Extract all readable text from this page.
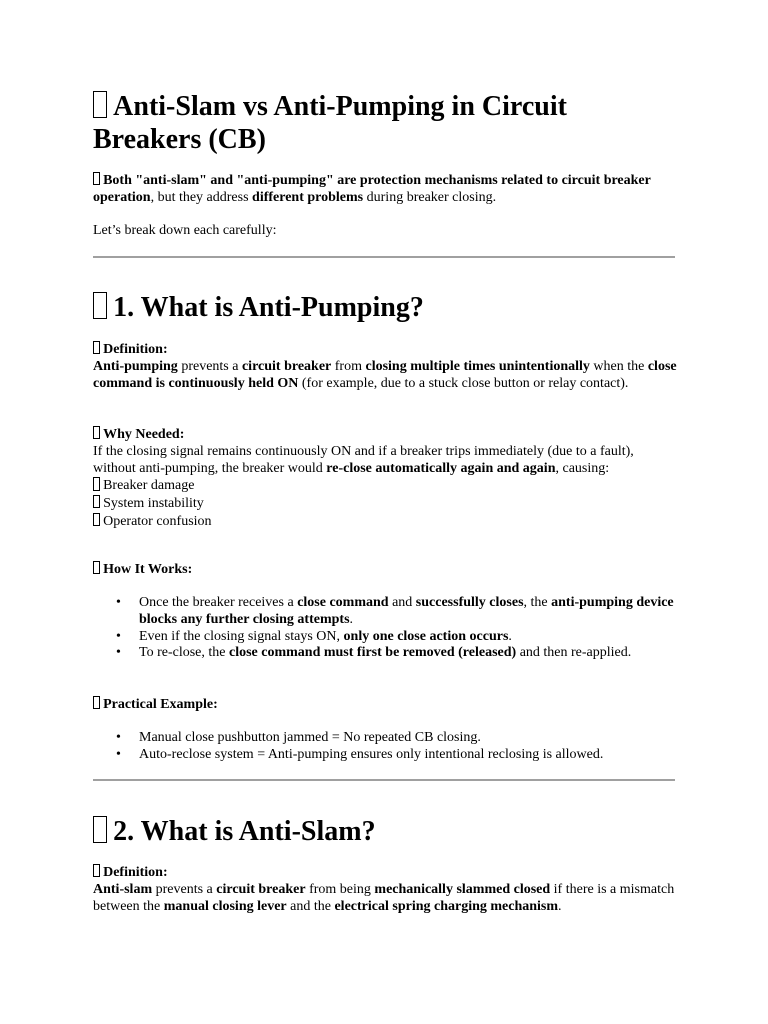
Anti-Slam vs Anti-Pumping in Circuit Breakers (CB)

Both "anti-slam" and "anti-pumping" are protection mechanisms related to circuit breaker operation, but they address different problems during breaker closing.

Let’s break down each carefully:

1. What is Anti-Pumping?

Definition:
Anti-pumping prevents a circuit breaker from closing multiple times unintentionally when the close command is continuously held ON (for example, due to a stuck close button or relay contact).

Why Needed:
If the closing signal remains continuously ON and if a breaker trips immediately (due to a fault), without anti-pumping, the breaker would re-close automatically again and again, causing:
Breaker damage
System instability
Operator confusion

How It Works:

• Once the breaker receives a close command and successfully closes, the anti-pumping device blocks any further closing attempts.
• Even if the closing signal stays ON, only one close action occurs.
• To re-close, the close command must first be removed (released) and then re-applied.

Practical Example:

• Manual close pushbutton jammed = No repeated CB closing.
• Auto-reclose system = Anti-pumping ensures only intentional reclosing is allowed.
2. What is Anti-Slam?

Definition:
Anti-slam prevents a circuit breaker from being mechanically slammed closed if there is a mismatch between the manual closing lever and the electrical spring charging mechanism.
